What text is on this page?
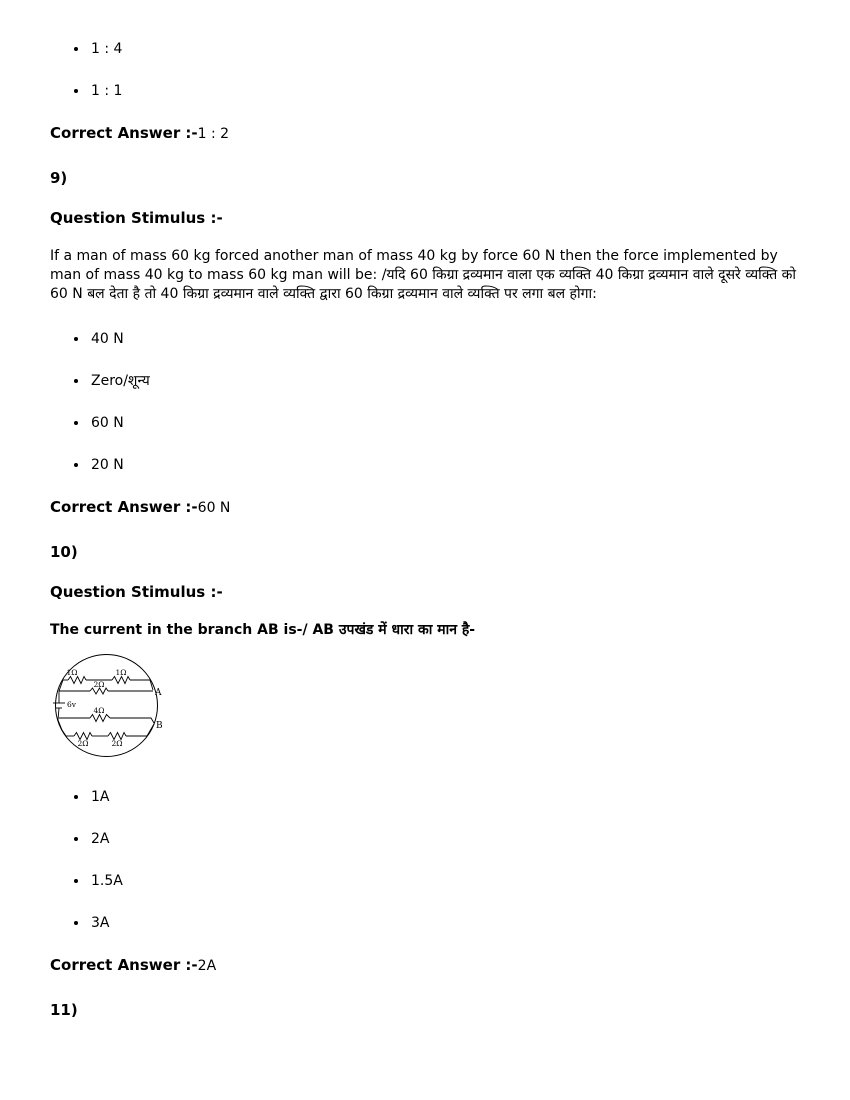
• 1 : 4
• 1 : 1

Correct Answer :-1 : 2

9)

Question Stimulus :-

If a man of mass 60 kg forced another man of mass 40 kg by force 60 N then the force implemented by man of mass 40 kg to mass 60 kg man will be: /यदि 60 किग्रा द्रव्यमान वाला एक व्यक्ति 40 किग्रा द्रव्यमान वाले दूसरे व्यक्ति को 60 N बल देता है तो 40 किग्रा द्रव्यमान वाले व्यक्ति द्वारा 60 किग्रा द्रव्यमान वाले व्यक्ति पर लगा बल होगा:

• 40 N
• Zero/शून्य
• 60 N
• 20 N

Correct Answer :-60 N

10)

Question Stimulus :-

The current in the branch AB is-/ AB उपखंड में धारा का मान है-

1Ω	1Ω
2Ω
6v
4Ω
2Ω	2Ω
A
B
• 1A
• 2A
• 1.5A
• 3A

Correct Answer :-2A

11)
